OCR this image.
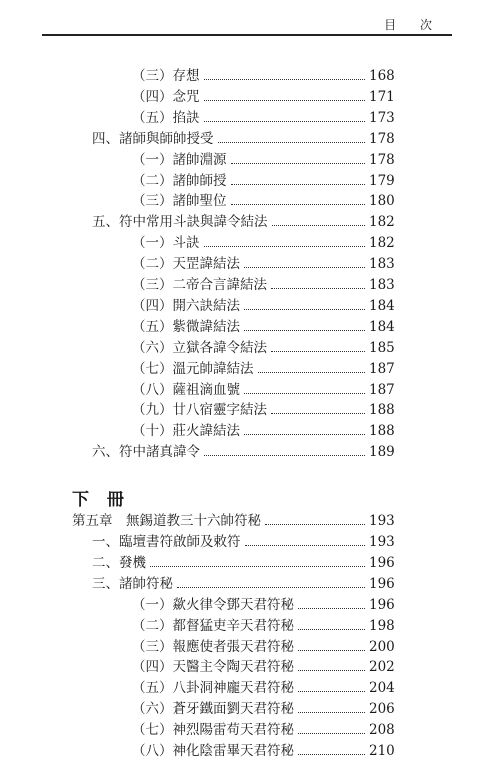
目 次
（三）存想	168
（四）念咒	171
（五）掐訣	173
四、諸師與師帥授受	178
（一）諸帥淵源	178
（二）諸帥師授	179
（三）諸帥聖位	180
五、符中常用斗訣與諱令結法	182
（一）斗訣	182
（二）天罡諱結法	183
（三）二帝合言諱結法	183
（四）開六訣結法	184
（五）紫微諱結法	184
（六）立獄各諱令結法	185
（七）溫元帥諱結法	187
（八）薩祖滴血號	187
（九）廿八宿靈字結法	188
（十）莊火諱結法	188
六、符中諸真諱令	189
下 冊
第五章　無錫道教三十六帥符秘	193
一、臨壇書符啟師及敕符	193
二、發機	196
三、諸帥符秘	196
（一）歘火律令鄧天君符秘	196
（二）都督猛吏辛天君符秘	198
（三）報應使者張天君符秘	200
（四）天醫主令陶天君符秘	202
（五）八卦洞神龐天君符秘	204
（六）蒼牙鐵面劉天君符秘	206
（七）神烈陽雷苟天君符秘	208
（八）神化陰雷畢天君符秘	210
